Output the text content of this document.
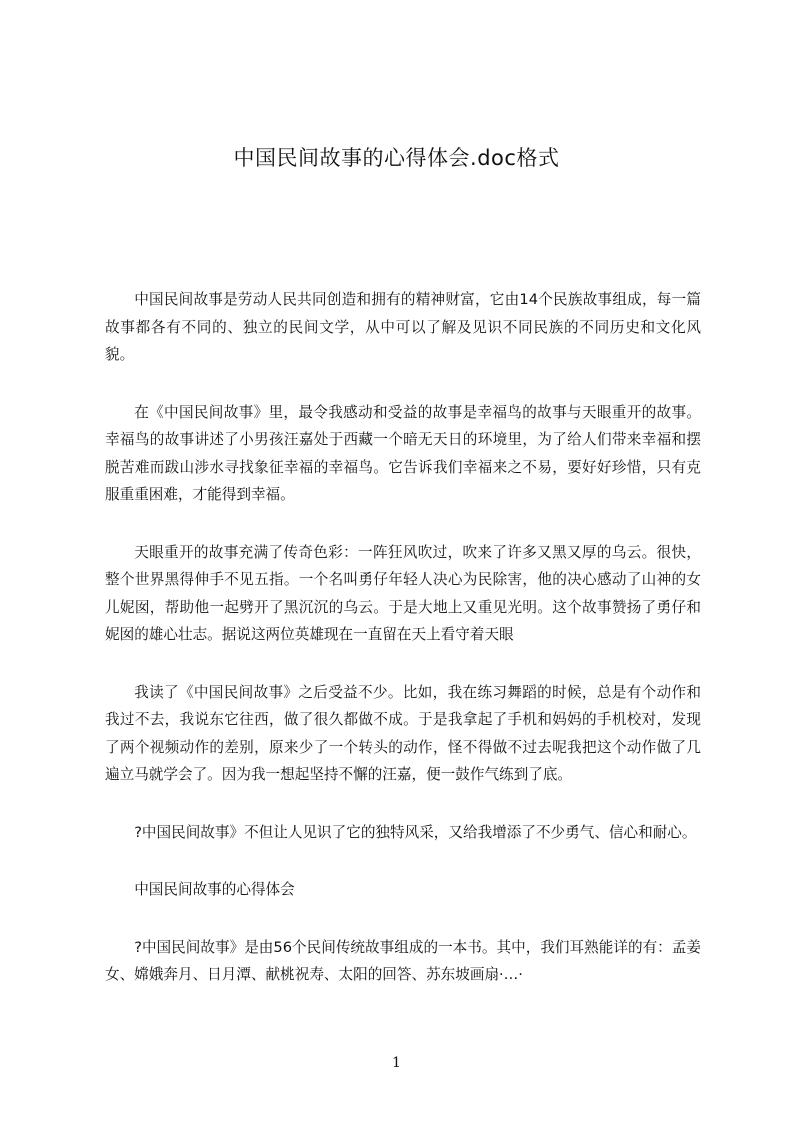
中国民间故事的心得体会.doc格式

中国民间故事是劳动人民共同创造和拥有的精神财富，它由14个民族故事组成，每一篇故事都各有不同的、独立的民间文学，从中可以了解及见识不同民族的不同历史和文化风貌。

在《中国民间故事》里，最令我感动和受益的故事是幸福鸟的故事与天眼重开的故事。幸福鸟的故事讲述了小男孩汪嘉处于西藏一个暗无天日的环境里，为了给人们带来幸福和摆脱苦难而跋山涉水寻找象征幸福的幸福鸟。它告诉我们幸福来之不易，要好好珍惜，只有克服重重困难，才能得到幸福。

天眼重开的故事充满了传奇色彩：一阵狂风吹过，吹来了许多又黑又厚的乌云。很快，整个世界黑得伸手不见五指。一个名叫勇仔年轻人决心为民除害，他的决心感动了山神的女儿妮囡，帮助他一起劈开了黑沉沉的乌云。于是大地上又重见光明。这个故事赞扬了勇仔和妮囡的雄心壮志。据说这两位英雄现在一直留在天上看守着天眼

我读了《中国民间故事》之后受益不少。比如，我在练习舞蹈的时候，总是有个动作和我过不去，我说东它往西，做了很久都做不成。于是我拿起了手机和妈妈的手机校对，发现了两个视频动作的差别，原来少了一个转头的动作，怪不得做不过去呢我把这个动作做了几遍立马就学会了。因为我一想起坚持不懈的汪嘉，便一鼓作气练到了底。

?中国民间故事》不但让人见识了它的独特风采，又给我增添了不少勇气、信心和耐心。

中国民间故事的心得体会

?中国民间故事》是由56个民间传统故事组成的一本书。其中，我们耳熟能详的有：孟姜女、嫦娥奔月、日月潭、献桃祝寿、太阳的回答、苏东坡画扇·…·

1
